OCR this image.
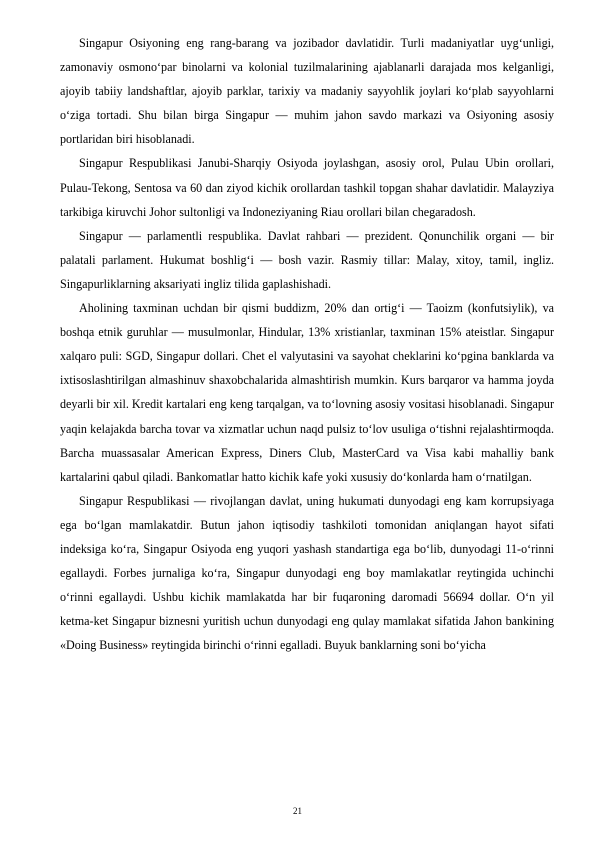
Singapur Osiyoning eng rang-barang va jozibador davlatidir. Turli madaniyatlar uyg‘unligi, zamonaviy osmono‘par binolarni va kolonial tuzilmalarining ajablanarli darajada mos kelganligi, ajoyib tabiiy landshaftlar, ajoyib parklar, tarixiy va madaniy sayyohlik joylari ko‘plab sayyohlarni o‘ziga tortadi. Shu bilan birga Singapur — muhim jahon savdo markazi va Osiyoning asosiy portlaridan biri hisoblanadi.

Singapur Respublikasi Janubi-Sharqiy Osiyoda joylashgan, asosiy orol, Pulau Ubin orollari, Pulau-Tekong, Sentosa va 60 dan ziyod kichik orollardan tashkil topgan shahar davlatidir. Malayziya tarkibiga kiruvchi Johor sultonligi va Indoneziyaning Riau orollari bilan chegaradosh.

Singapur — parlamentli respublika. Davlat rahbari — prezident. Qonunchilik organi — bir palatali parlament. Hukumat boshlig‘i — bosh vazir. Rasmiy tillar: Malay, xitoy, tamil, ingliz. Singapurliklarning aksariyati ingliz tilida gaplashishadi.

Aholining taxminan uchdan bir qismi buddizm, 20% dan ortig‘i — Taoizm (konfutsiylik), va boshqa etnik guruhlar — musulmonlar, Hindular, 13% xristianlar, taxminan 15% ateistlar. Singapur xalqaro puli: SGD, Singapur dollari. Chet el valyutasini va sayohat cheklarini ko‘pgina banklarda va ixtisoslashtirilgan almashinuv shaxobchalarida almashtirish mumkin. Kurs barqaror va hamma joyda deyarli bir xil. Kredit kartalari eng keng tarqalgan, va to‘lovning asosiy vositasi hisoblanadi. Singapur yaqin kelajakda barcha tovar va xizmatlar uchun naqd pulsiz to‘lov usuliga o‘tishni rejalashtirmoqda. Barcha muassasalar American Express, Diners Club, MasterCard va Visa kabi mahalliy bank kartalarini qabul qiladi. Bankomatlar hatto kichik kafe yoki xususiy do‘konlarda ham o‘rnatilgan.

Singapur Respublikasi — rivojlangan davlat, uning hukumati dunyodagi eng kam korrupsiyaga ega bo‘lgan mamlakatdir. Butun jahon iqtisodiy tashkiloti tomonidan aniqlangan hayot sifati indeksiga ko‘ra, Singapur Osiyoda eng yuqori yashash standartiga ega bo‘lib, dunyodagi 11-o‘rinni egallaydi. Forbes jurnaliga ko‘ra, Singapur dunyodagi eng boy mamlakatlar reytingida uchinchi o‘rinni egallaydi. Ushbu kichik mamlakatda har bir fuqaroning daromadi 56694 dollar. O‘n yil ketma-ket Singapur biznesni yuritish uchun dunyodagi eng qulay mamlakat sifatida Jahon bankining «Doing Business» reytingida birinchi o‘rinni egalladi. Buyuk banklarning soni bo‘yicha

21
